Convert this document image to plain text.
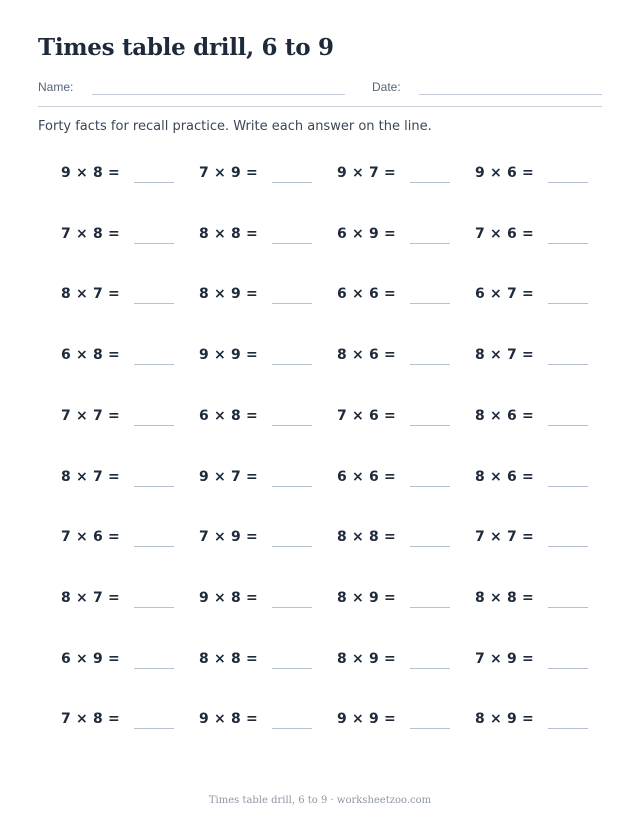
Times table drill, 6 to 9
Name:	Date:

Forty facts for recall practice. Write each answer on the line.

9 × 8 =	7 × 9 =	9 × 7 =	9 × 6 =
7 × 8 =	8 × 8 =	6 × 9 =	7 × 6 =
8 × 7 =	8 × 9 =	6 × 6 =	6 × 7 =
6 × 8 =	9 × 9 =	8 × 6 =	8 × 7 =
7 × 7 =	6 × 8 =	7 × 6 =	8 × 6 =
8 × 7 =	9 × 7 =	6 × 6 =	8 × 6 =
7 × 6 =	7 × 9 =	8 × 8 =	7 × 7 =
8 × 7 =	9 × 8 =	8 × 9 =	8 × 8 =
6 × 9 =	8 × 8 =	8 × 9 =	7 × 9 =
7 × 8 =	9 × 8 =	9 × 9 =	8 × 9 =
Times table drill, 6 to 9 · worksheetzoo.com
